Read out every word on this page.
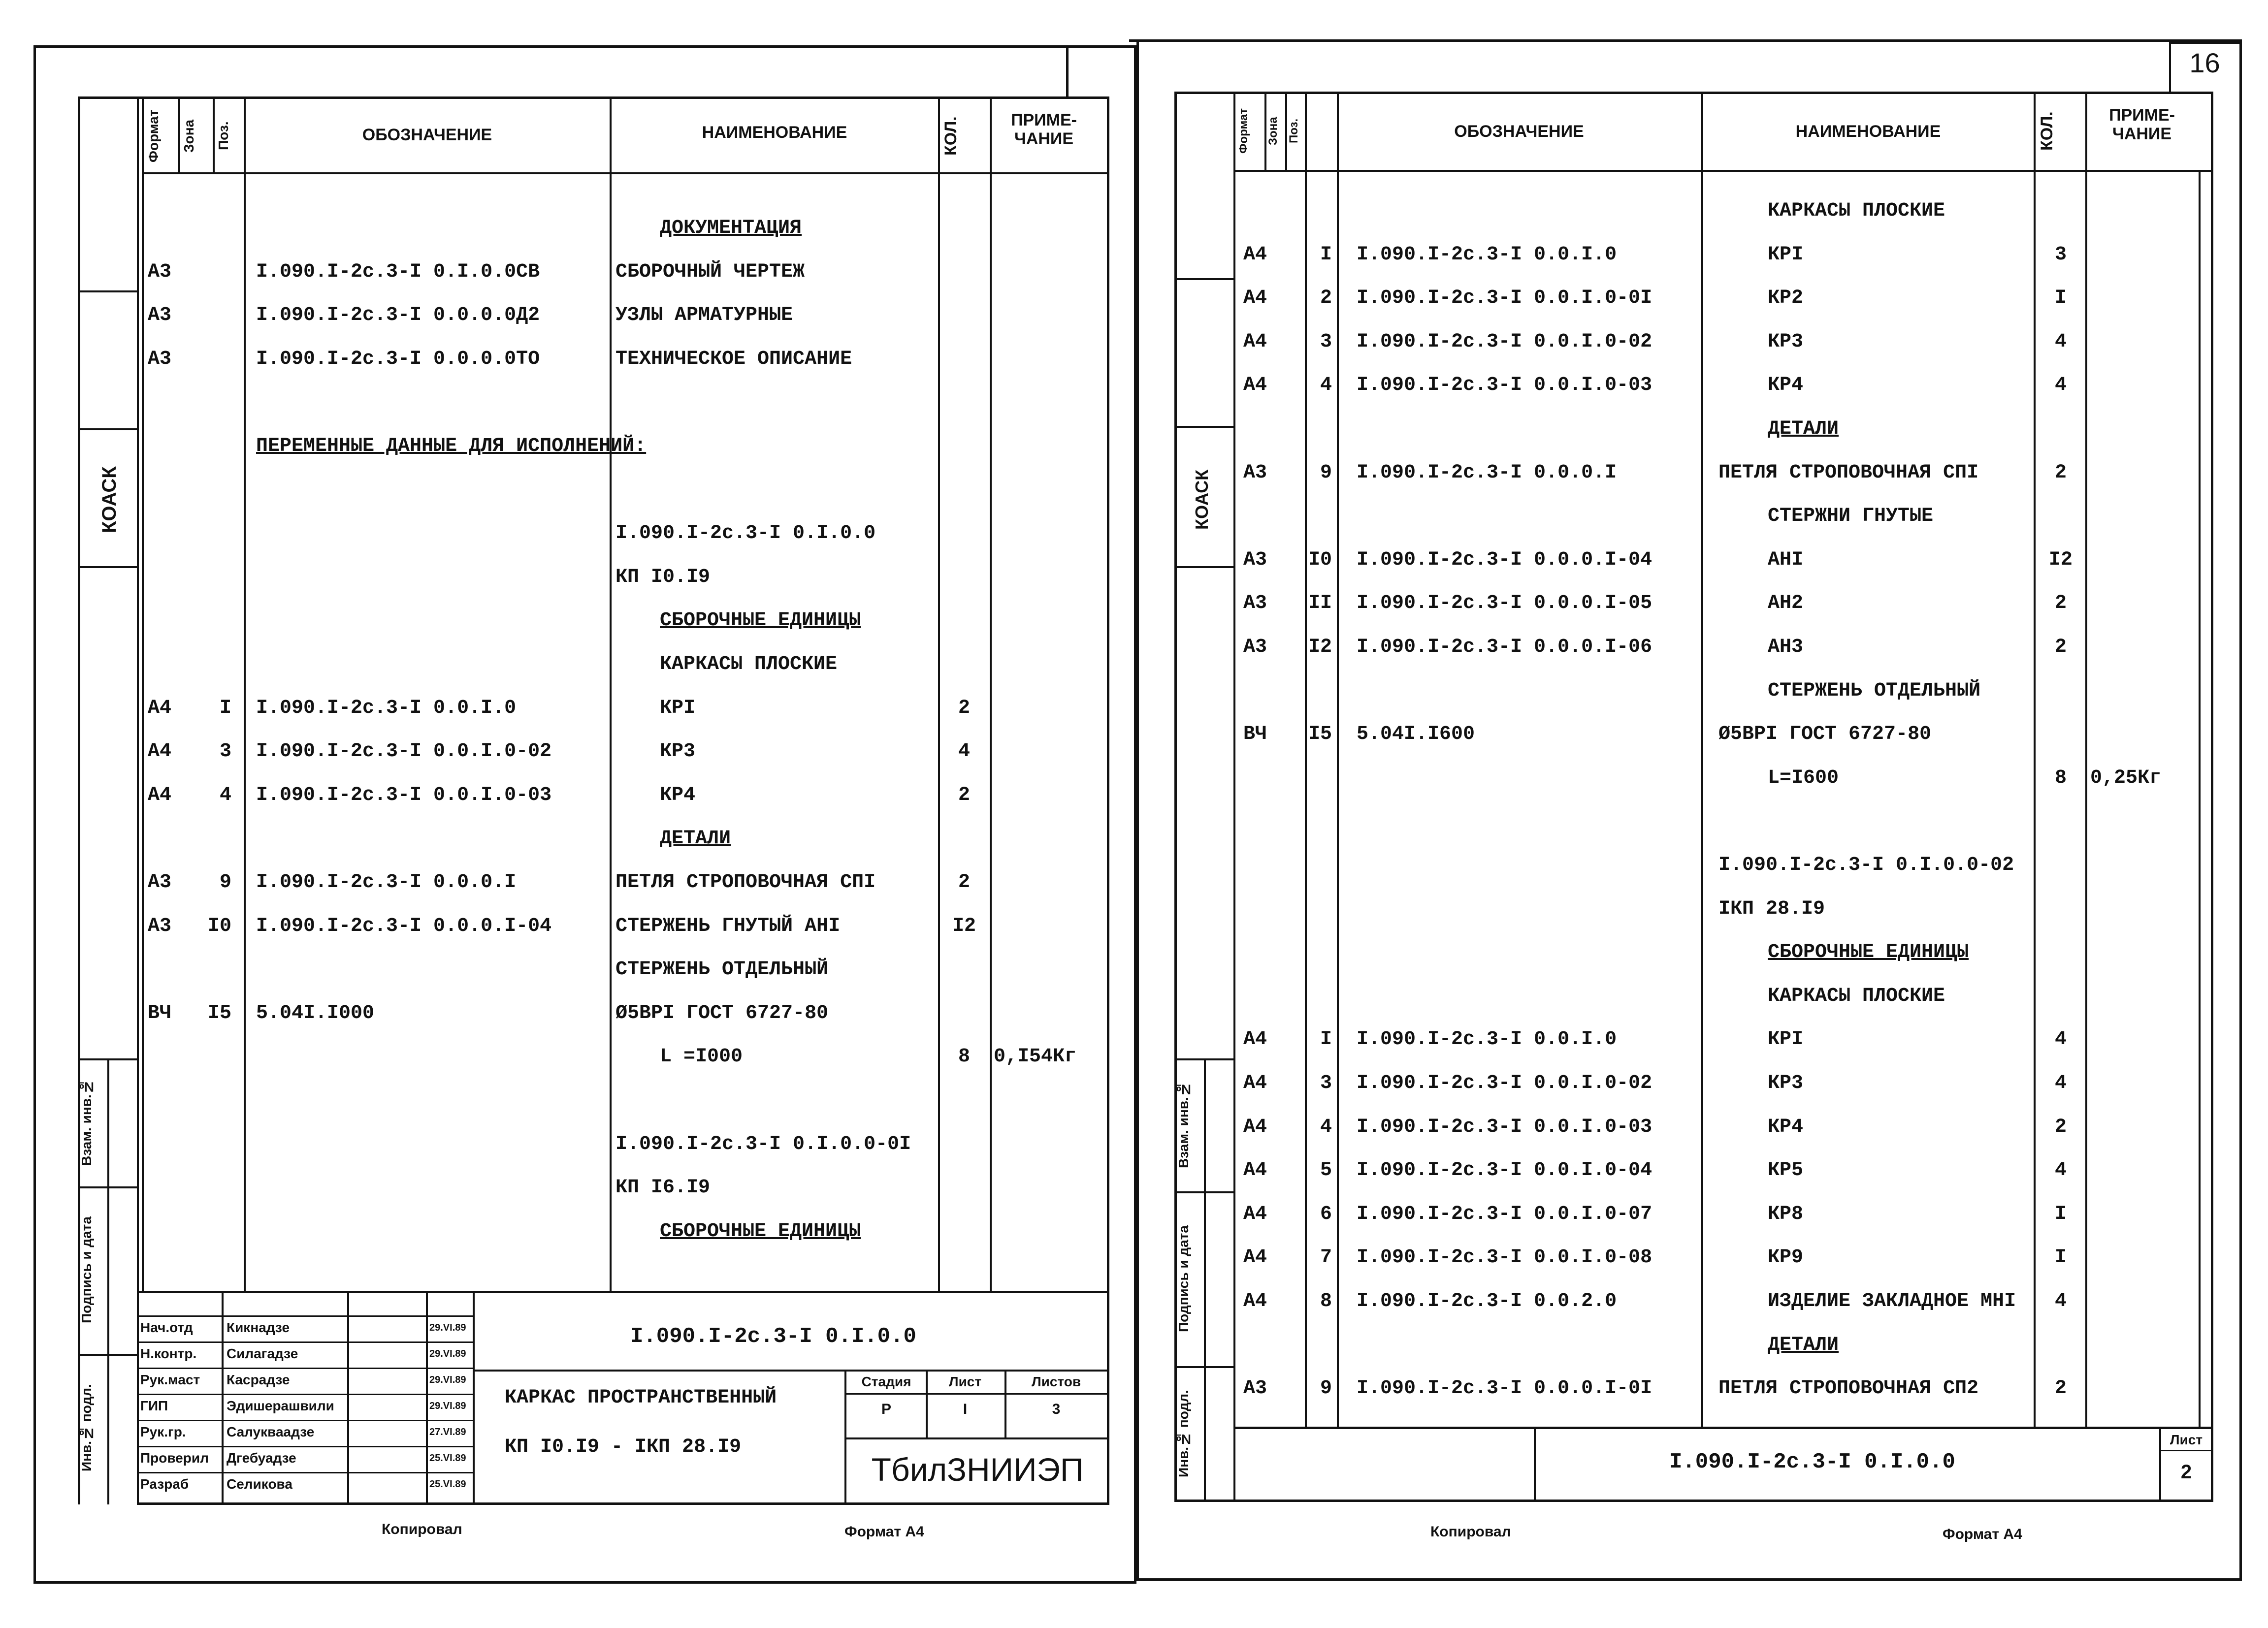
КОАСК
Взам. инв.№
Подпись и дата
Инв.№ подл.
Формат	Зона	Поз.	ОБОЗНАЧЕНИЕ	НАИМЕНОВАНИЕ	КОЛ.	ПРИМЕ-ЧАНИЕ
ДОКУМЕНТАЦИЯ
А3	I.090.I-2c.3-I 0.I.0.0СВ	СБОРОЧНЫЙ ЧЕРТЕЖ
А3	I.090.I-2c.3-I 0.0.0.0Д2	УЗЛЫ АРМАТУРНЫЕ
А3	I.090.I-2c.3-I 0.0.0.0ТО	ТЕХНИЧЕСКОЕ ОПИСАНИЕ
ПЕРЕМЕННЫЕ ДАННЫЕ ДЛЯ ИСПОЛНЕНИЙ:
I.090.I-2c.3-I 0.I.0.0
КП I0.I9
СБОРОЧНЫЕ ЕДИНИЦЫ
КАРКАСЫ ПЛОСКИЕ
А4	I I.090.I-2c.3-I 0.0.I.0	КРI	2
А4	3 I.090.I-2c.3-I 0.0.I.0-02	КР3	4
А4	4 I.090.I-2c.3-I 0.0.I.0-03	КР4	2
ДЕТАЛИ
А3	9 I.090.I-2c.3-I 0.0.0.I	ПЕТЛЯ СТРОПОВОЧНАЯ СПI	2
А3 I0 I.090.I-2c.3-I 0.0.0.I-04	СТЕРЖЕНЬ ГНУТЫЙ АНI	I2
СТЕРЖЕНЬ ОТДЕЛЬНЫЙ
ВЧ I5 5.04I.I000	Ø5ВРI ГОСТ 6727-80
L =I000	8	0,I54Кг
I.090.I-2c.3-I 0.I.0.0-0I
КП I6.I9
СБОРОЧНЫЕ ЕДИНИЦЫ
Нач.отд Кикнадзе	29.VI.89
Н.контр. Силагадзе	29.VI.89
Рук.маст Касрадзе	29.VI.89
ГИП	Эдишерашвили	29.VI.89
Рук.гр.	Салукваадзе	27.VI.89
Проверил Дгебуадзе	25.VI.89
Разраб	Селикова	25.VI.89
I.090.I-2c.3-I 0.I.0.0
КАРКАС ПРОСТРАНСТВЕННЫЙ
КП I0.I9 - IКП 28.I9
Стадия	Лист	Листов
Р	I	3
ТбилЗНИИЭП
Копировал	Формат А4
16
КОАСК
Взам. инв.№
Подпись и дата
Инв.№ подл.
Формат	Зона Поз.	ОБОЗНАЧЕНИЕ	НАИМЕНОВАНИЕ	КОЛ.	ПРИМЕ-ЧАНИЕ
КАРКАСЫ ПЛОСКИЕ
А4	I I.090.I-2c.3-I 0.0.I.0	КРI	3
А4	2 I.090.I-2c.3-I 0.0.I.0-0I	КР2	I
А4	3 I.090.I-2c.3-I 0.0.I.0-02	КР3	4
А4	4 I.090.I-2c.3-I 0.0.I.0-03	КР4	4
ДЕТАЛИ
А3	9 I.090.I-2c.3-I 0.0.0.I	ПЕТЛЯ СТРОПОВОЧНАЯ СПI	2
СТЕРЖНИ ГНУТЫЕ
А3 I0 I.090.I-2c.3-I 0.0.0.I-04	АНI	I2
А3 II I.090.I-2c.3-I 0.0.0.I-05	АН2	2
А3 I2 I.090.I-2c.3-I 0.0.0.I-06	АН3	2
СТЕРЖЕНЬ ОТДЕЛЬНЫЙ
ВЧ I5 5.04I.I600	Ø5ВРI ГОСТ 6727-80
L=I600	8	0,25Кг
I.090.I-2c.3-I 0.I.0.0-02
IКП 28.I9
СБОРОЧНЫЕ ЕДИНИЦЫ
КАРКАСЫ ПЛОСКИЕ
А4	I I.090.I-2c.3-I 0.0.I.0	КРI	4
А4	3 I.090.I-2c.3-I 0.0.I.0-02	КР3	4
А4	4 I.090.I-2c.3-I 0.0.I.0-03	КР4	2
А4	5 I.090.I-2c.3-I 0.0.I.0-04	КР5	4
А4	6 I.090.I-2c.3-I 0.0.I.0-07	КР8	I
А4	7 I.090.I-2c.3-I 0.0.I.0-08	КР9	I
А4	8 I.090.I-2c.3-I 0.0.2.0	ИЗДЕЛИЕ ЗАКЛАДНОЕ МНI	4
ДЕТАЛИ
А3	9 I.090.I-2c.3-I 0.0.0.I-0I	ПЕТЛЯ СТРОПОВОЧНАЯ СП2	2
I.090.I-2c.3-I 0.I.0.0
Лист
2
Копировал	Формат А4
